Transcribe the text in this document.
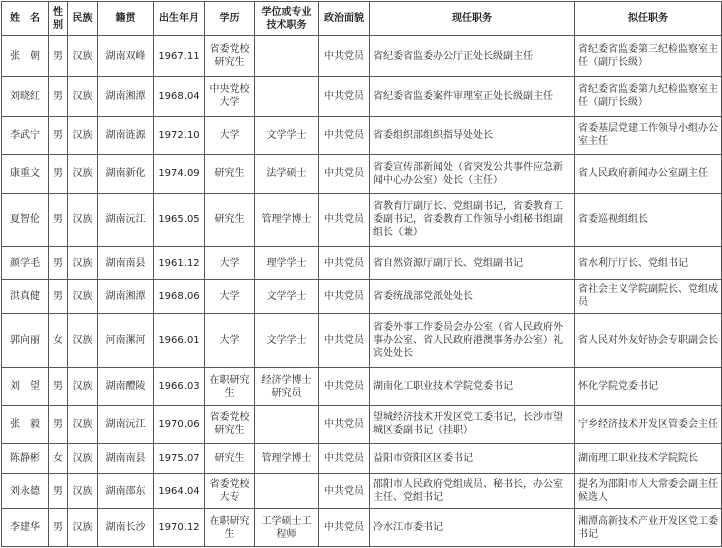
姓　名	性别	民族	籍贯	出生年月	学历	学位或专业技术职务	政治面貌	现任职务	拟任职务
张　朝	男	汉族	湖南双峰	1967.11	省委党校研究生		中共党员	省纪委省监委办公厅正处长级副主任	省纪委省监委第三纪检监察室主任（副厅长级）
刘晓红	男	汉族	湖南湘潭	1968.04	中央党校大学		中共党员	省纪委省监委案件审理室正处长级副主任	省纪委省监委第九纪检监察室主任（副厅长级）
李武宁	男	汉族	湖南涟源	1972.10	大学	文学学士	中共党员	省委组织部组织指导处处长	省委基层党建工作领导小组办公室主任
康重文	男	汉族	湖南新化	1974.09	研究生	法学硕士	中共党员	省委宣传部新闻处（省突发公共事件应急新闻中心办公室）处长（主任）	省人民政府新闻办公室副主任
夏智伦	男	汉族	湖南沅江	1965.05	研究生	管理学博士	中共党员	省教育厅副厅长、党组副书记，省委教育工委副书记，省委教育工作领导小组秘书组副组长（兼）	省委巡视组组长
颜学毛	男	汉族	湖南南县	1961.12	大学	理学学士	中共党员	省自然资源厅副厅长、党组副书记	省水利厅厅长、党组书记
洪真健	男	汉族	湖南湘潭	1968.06	大学	文学学士	中共党员	省委统战部党派处处长	省社会主义学院副院长、党组成员
郭向丽	女	汉族	河南漯河	1966.01	大学	文学学士	中共党员	省委外事工作委员会办公室（省人民政府外事办公室、省人民政府港澳事务办公室）礼宾处处长	省人民对外友好协会专职副会长
刘　望	男	汉族	湖南醴陵	1966.03	在职研究生	经济学博士研究员	中共党员	湖南化工职业技术学院党委书记	怀化学院党委书记
张　毅	男	汉族	湖南沅江	1970.06	省委党校研究生		中共党员	望城经济技术开发区党工委书记，长沙市望城区委副书记（挂职）	宁乡经济技术开发区管委会主任
陈静彬	女	汉族	湖南南县	1975.07	研究生	管理学博士	中共党员	益阳市资阳区区委书记	湖南理工职业技术学院院长
刘永德	男	汉族	湖南邵东	1964.04	省委党校大专		中共党员	邵阳市人民政府党组成员、秘书长，办公室主任、党组书记	提名为邵阳市人大常委会副主任候选人
李建华	男	汉族	湖南长沙	1970.12	在职研究生	工学硕士工程师	中共党员	冷水江市委书记	湘潭高新技术产业开发区党工委书记
